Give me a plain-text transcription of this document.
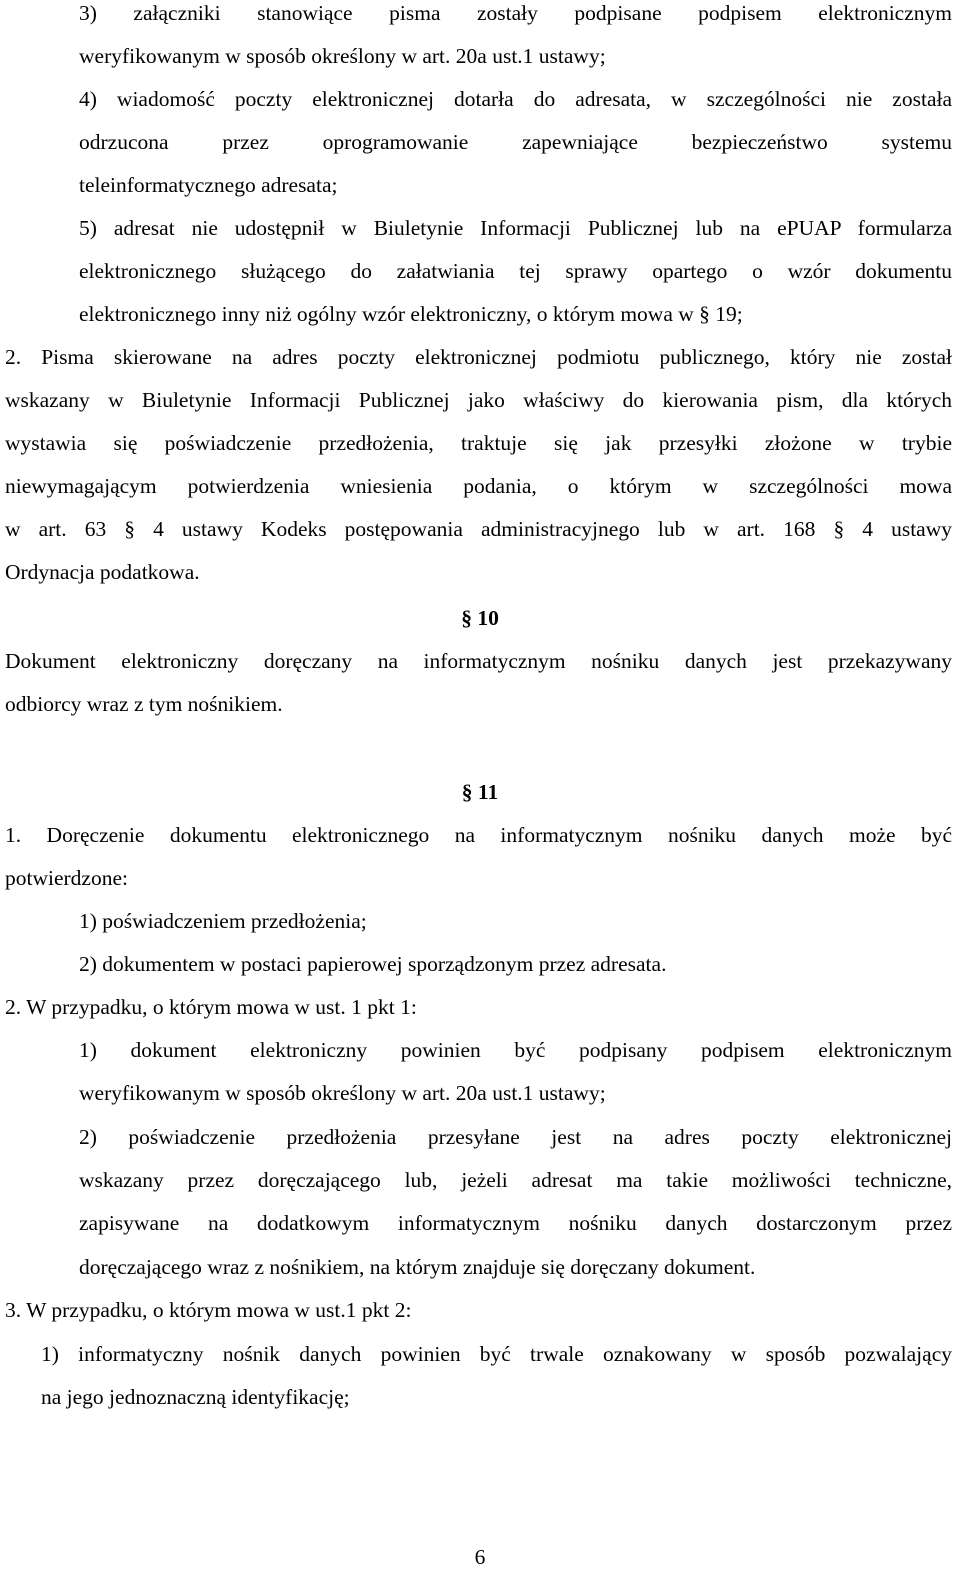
3) załączniki stanowiące pisma zostały podpisane podpisem elektronicznym
weryfikowanym w sposób określony w art. 20a ust.1 ustawy;
4) wiadomość poczty elektronicznej dotarła do adresata, w szczególności nie została
odrzucona przez oprogramowanie zapewniające bezpieczeństwo systemu
teleinformatycznego adresata;
5) adresat nie udostępnił w Biuletynie Informacji Publicznej lub na ePUAP formularza
elektronicznego służącego do załatwiania tej sprawy opartego o wzór dokumentu
elektronicznego inny niż ogólny wzór elektroniczny, o którym mowa w § 19;
2. Pisma skierowane na adres poczty elektronicznej podmiotu publicznego, który nie został
wskazany w Biuletynie Informacji Publicznej jako właściwy do kierowania pism, dla których
wystawia się poświadczenie przedłożenia, traktuje się jak przesyłki złożone w trybie
niewymagającym potwierdzenia wniesienia podania, o którym w szczególności mowa
w art. 63 § 4 ustawy Kodeks postępowania administracyjnego lub w art. 168 § 4 ustawy
Ordynacja podatkowa.
§ 10
Dokument elektroniczny doręczany na informatycznym nośniku danych jest przekazywany
odbiorcy wraz z tym nośnikiem.
§ 11
1. Doręczenie dokumentu elektronicznego na informatycznym nośniku danych może być
potwierdzone:
1) poświadczeniem przedłożenia;
2) dokumentem w postaci papierowej sporządzonym przez adresata.
2. W przypadku, o którym mowa w ust. 1 pkt 1:
1) dokument elektroniczny powinien być podpisany podpisem elektronicznym
weryfikowanym w sposób określony w art. 20a ust.1 ustawy;
2) poświadczenie przedłożenia przesyłane jest na adres poczty elektronicznej
wskazany przez doręczającego lub, jeżeli adresat ma takie możliwości techniczne,
zapisywane na dodatkowym informatycznym nośniku danych dostarczonym przez
doręczającego wraz z nośnikiem, na którym znajduje się doręczany dokument.
3. W przypadku, o którym mowa w ust.1 pkt 2:
1) informatyczny nośnik danych powinien być trwale oznakowany w sposób pozwalający
na jego jednoznaczną identyfikację;
6
